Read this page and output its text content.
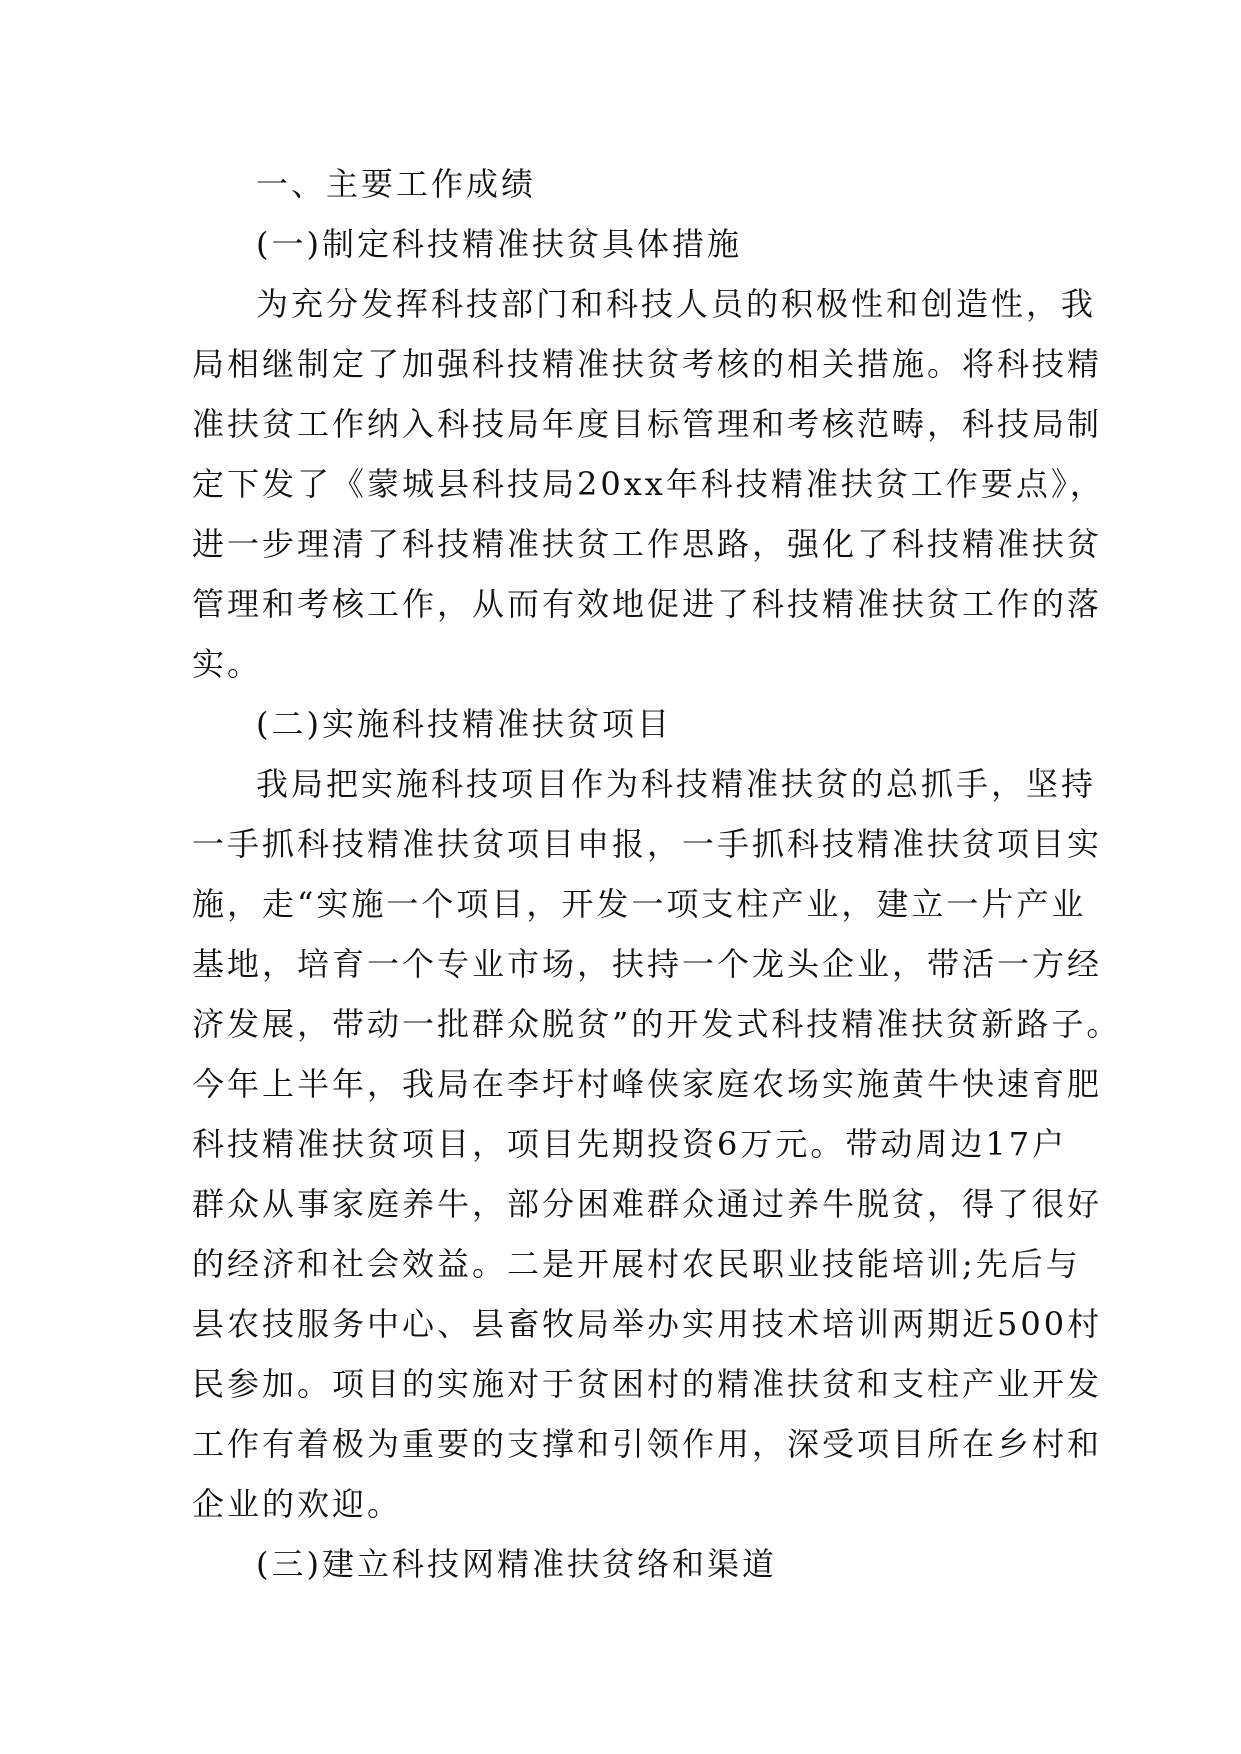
一、主要工作成绩
(一)制定科技精准扶贫具体措施
为充分发挥科技部门和科技人员的积极性和创造性，我
局相继制定了加强科技精准扶贫考核的相关措施。将科技精
准扶贫工作纳入科技局年度目标管理和考核范畴，科技局制
定下发了《蒙城县科技局20xx年科技精准扶贫工作要点》，
进一步理清了科技精准扶贫工作思路，强化了科技精准扶贫
管理和考核工作，从而有效地促进了科技精准扶贫工作的落
实。
(二)实施科技精准扶贫项目
我局把实施科技项目作为科技精准扶贫的总抓手，坚持
一手抓科技精准扶贫项目申报，一手抓科技精准扶贫项目实
施，走“实施一个项目，开发一项支柱产业，建立一片产业
基地，培育一个专业市场，扶持一个龙头企业，带活一方经
济发展，带动一批群众脱贫”的开发式科技精准扶贫新路子。
今年上半年，我局在李圩村峰侠家庭农场实施黄牛快速育肥
科技精准扶贫项目，项目先期投资6万元。带动周边17户
群众从事家庭养牛，部分困难群众通过养牛脱贫，得了很好
的经济和社会效益。二是开展村农民职业技能培训;先后与
县农技服务中心、县畜牧局举办实用技术培训两期近500村
民参加。项目的实施对于贫困村的精准扶贫和支柱产业开发
工作有着极为重要的支撑和引领作用，深受项目所在乡村和
企业的欢迎。
(三)建立科技网精准扶贫络和渠道
